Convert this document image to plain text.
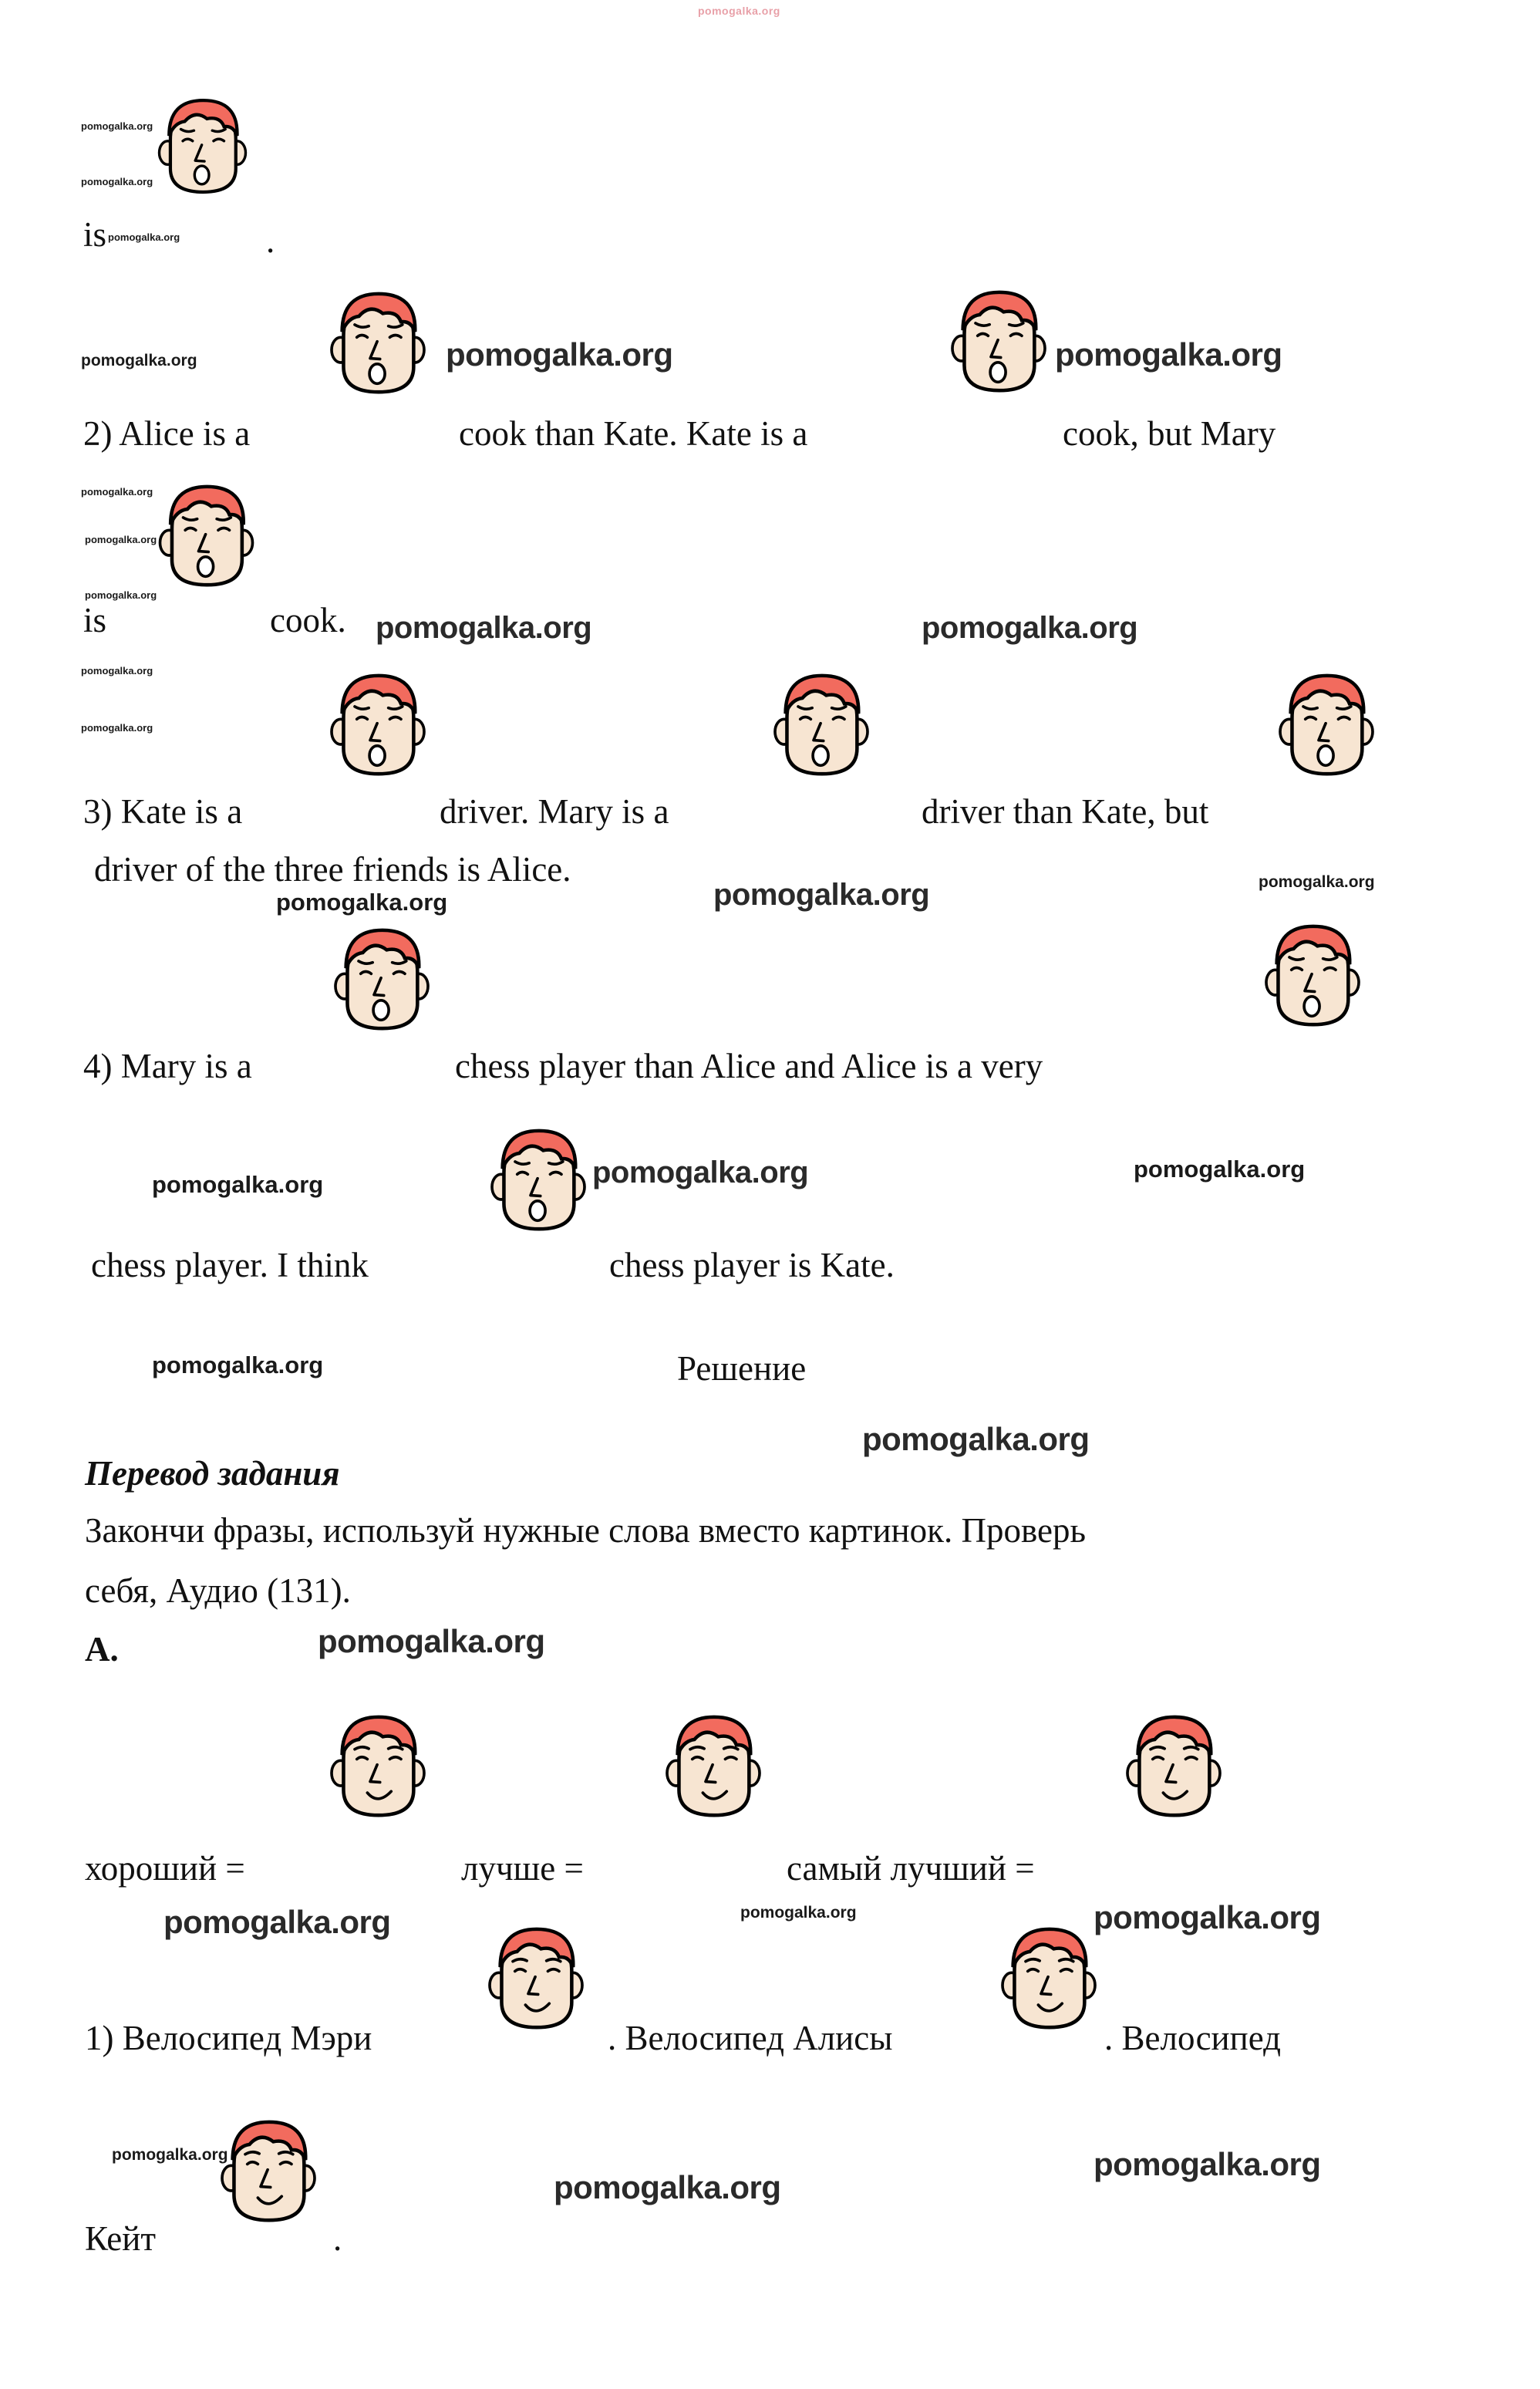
is	.
2) Alice is a	cook than Kate. Kate is a	cook, but Mary
is	cook.
3) Kate is a	driver. Mary is a	driver than Kate, but
driver of the three friends is Alice.
4) Mary is a	chess player than Alice and Alice is a very
chess player. I think	chess player is Kate.
Решение
Перевод задания
Закончи фразы, используй нужные слова вместо картинок. Проверь
себя, Аудио (131).
А.
хороший =	лучше =	самый лучший =
1) Велосипед Мэри	. Велосипед Алисы	. Велосипед
Кейт	.
pomogalka.org
pomogalka.org
pomogalka.org
pomogalka.org
pomogalka.org	pomogalka.org	pomogalka.org
pomogalka.org
pomogalka.org
pomogalka.org
pomogalka.org	pomogalka.org
pomogalka.org
pomogalka.org
pomogalka.org	pomogalka.org	pomogalka.org
pomogalka.org	pomogalka.org	pomogalka.org
pomogalka.org
pomogalka.org
pomogalka.org
pomogalka.org	pomogalka.org	pomogalka.org
pomogalka.org
pomogalka.org
pomogalka.org
